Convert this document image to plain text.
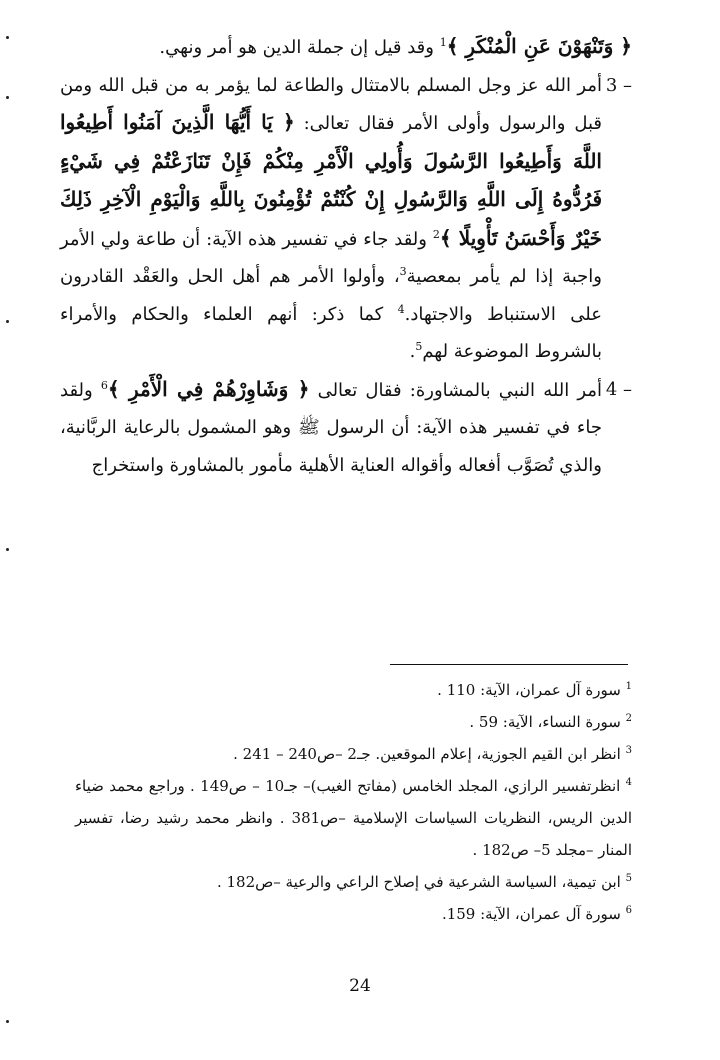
﴿ وَتَنْهَوْنَ عَنِ الْمُنْكَرِ ﴾$^1$ وقد قيل إن جملة الدين هو أمر ونهي.

3 –
أمر الله عز وجل المسلم بالامتثال والطاعة لما يؤمر به من قبل الله ومن قبل والرسول وأولى الأمر فقال تعالى: ﴿ يَا أَيُّهَا الَّذِينَ آمَنُوا أَطِيعُوا اللَّهَ وَأَطِيعُوا الرَّسُولَ وَأُولِي الْأَمْرِ مِنْكُمْ فَإِنْ تَنَازَعْتُمْ فِي شَيْءٍ فَرُدُّوهُ إِلَى اللَّهِ وَالرَّسُولِ إِنْ كُنْتُمْ تُؤْمِنُونَ بِاللَّهِ وَالْيَوْمِ الْآخِرِ ذَلِكَ خَيْرٌ وَأَحْسَنُ تَأْوِيلًا ﴾$^2$ ولقد جاء في تفسير هذه الآية: أن طاعة ولي الأمر واجبة إذا لم يأمر بمعصية$^3$، وأولوا الأمر هم أهل الحل والعَقْد القادرون على الاستنباط والاجتهاد.$^4$ كما ذكر: أنهم العلماء والحكام والأمراء بالشروط الموضوعة لهم$^5$.

4 –
أمر الله النبي بالمشاورة: فقال تعالى ﴿ وَشَاوِرْهُمْ فِي الْأَمْرِ ﴾$^6$ ولقد جاء في تفسير هذه الآية: أن الرسول ﷺ وهو المشمول بالرعاية الربَّانية، والذي تُصَوَّب أفعاله وأقواله العناية الأهلية مأمور بالمشاورة واستخراج

$^1$ سورة آل عمران، الآية: 110 .

$^2$ سورة النساء، الآية: 59 .

$^3$ انظر ابن القيم الجوزية، إعلام الموقعين. جـ2 –ص240 – 241 .

$^4$ انظرتفسير الرازي، المجلد الخامس (مفاتح الغيب)– جـ10 – ص149 . وراجع محمد ضياء الدين الريس، النظريات السياسات الإسلامية –ص381 . وانظر محمد رشيد رضا، تفسير المنار –مجلد 5– ص182 .

$^5$ ابن تيمية، السياسة الشرعية في إصلاح الراعي والرعية –ص182 .

$^6$ سورة آل عمران، الآية: 159.

24
